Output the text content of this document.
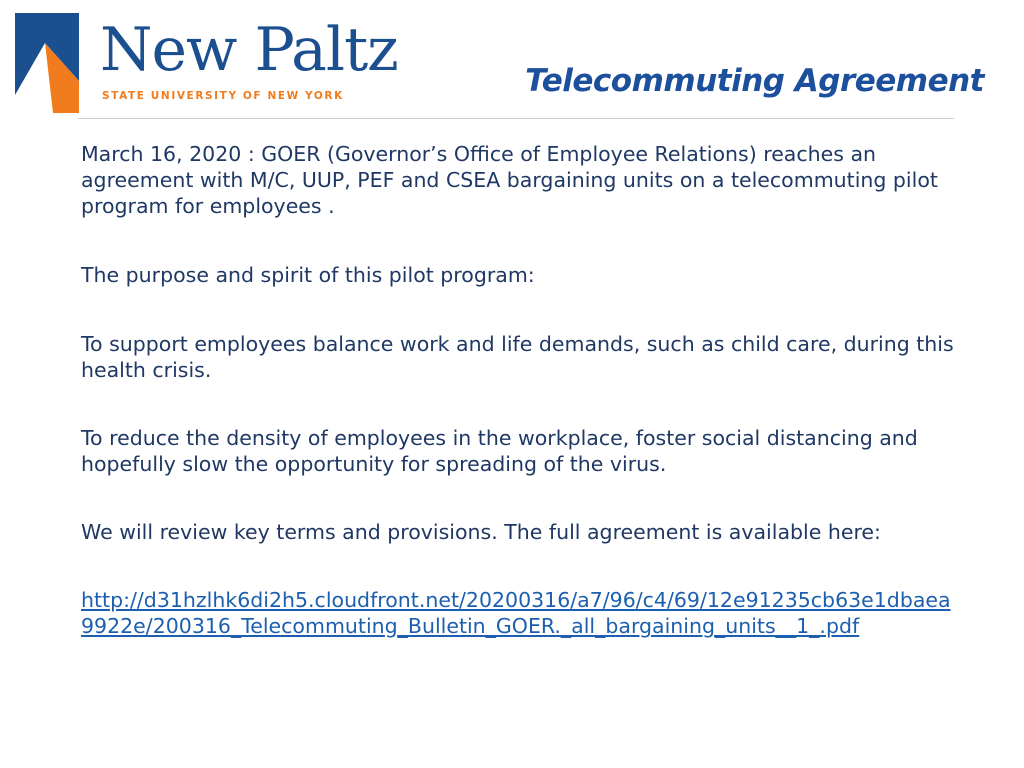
New Paltz
STATE UNIVERSITY OF NEW YORK	Telecommuting Agreement

March 16, 2020 : GOER (Governor’s Office of Employee Relations) reaches an agreement with M/C, UUP, PEF and CSEA bargaining units on a telecommuting pilot program for employees .

The purpose and spirit of this pilot program:

To support employees balance work and life demands, such as child care, during this health crisis.

To reduce the density of employees in the workplace, foster social distancing and hopefully slow the opportunity for spreading of the virus.

We will review key terms and provisions. The full agreement is available here:

http://d31hzlhk6di2h5.cloudfront.net/20200316/a7/96/c4/69/12e91235cb63e1dbaea9922e/200316_Telecommuting_Bulletin_GOER._all_bargaining_units__1_.pdf
